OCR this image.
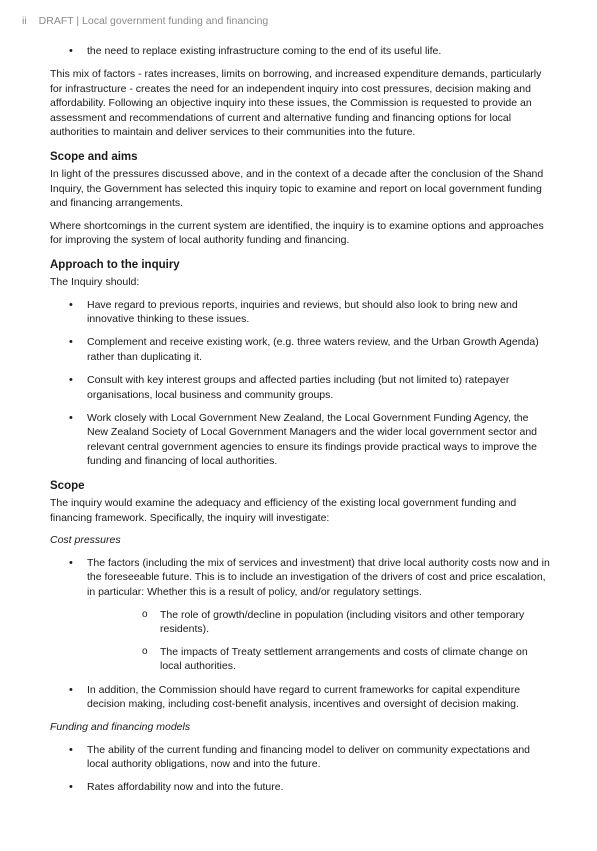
ii DRAFT | Local government funding and financing
• the need to replace existing infrastructure coming to the end of its useful life.

This mix of factors - rates increases, limits on borrowing, and increased expenditure demands, particularly for infrastructure - creates the need for an independent inquiry into cost pressures, decision making and affordability. Following an objective inquiry into these issues, the Commission is requested to provide an assessment and recommendations of current and alternative funding and financing options for local authorities to maintain and deliver services to their communities into the future.

Scope and aims

In light of the pressures discussed above, and in the context of a decade after the conclusion of the Shand Inquiry, the Government has selected this inquiry topic to examine and report on local government funding and financing arrangements.

Where shortcomings in the current system are identified, the inquiry is to examine options and approaches for improving the system of local authority funding and financing.

Approach to the inquiry

The Inquiry should:

• Have regard to previous reports, inquiries and reviews, but should also look to bring new and innovative thinking to these issues.
• Complement and receive existing work, (e.g. three waters review, and the Urban Growth Agenda) rather than duplicating it.
• Consult with key interest groups and affected parties including (but not limited to) ratepayer organisations, local business and community groups.
• Work closely with Local Government New Zealand, the Local Government Funding Agency, the New Zealand Society of Local Government Managers and the wider local government sector and relevant central government agencies to ensure its findings provide practical ways to improve the funding and financing of local authorities.
Scope

The inquiry would examine the adequacy and efficiency of the existing local government funding and financing framework. Specifically, the inquiry will investigate:

Cost pressures
• The factors (including the mix of services and investment) that drive local authority costs now and in the foreseeable future. This is to include an investigation of the drivers of cost and price escalation, in particular: Whether this is a result of policy, and/or regulatory settings.
o The role of growth/decline in population (including visitors and other temporary residents).
o The impacts of Treaty settlement arrangements and costs of climate change on local authorities.
• In addition, the Commission should have regard to current frameworks for capital expenditure decision making, including cost-benefit analysis, incentives and oversight of decision making.
Funding and financing models
• The ability of the current funding and financing model to deliver on community expectations and local authority obligations, now and into the future.
• Rates affordability now and into the future.
